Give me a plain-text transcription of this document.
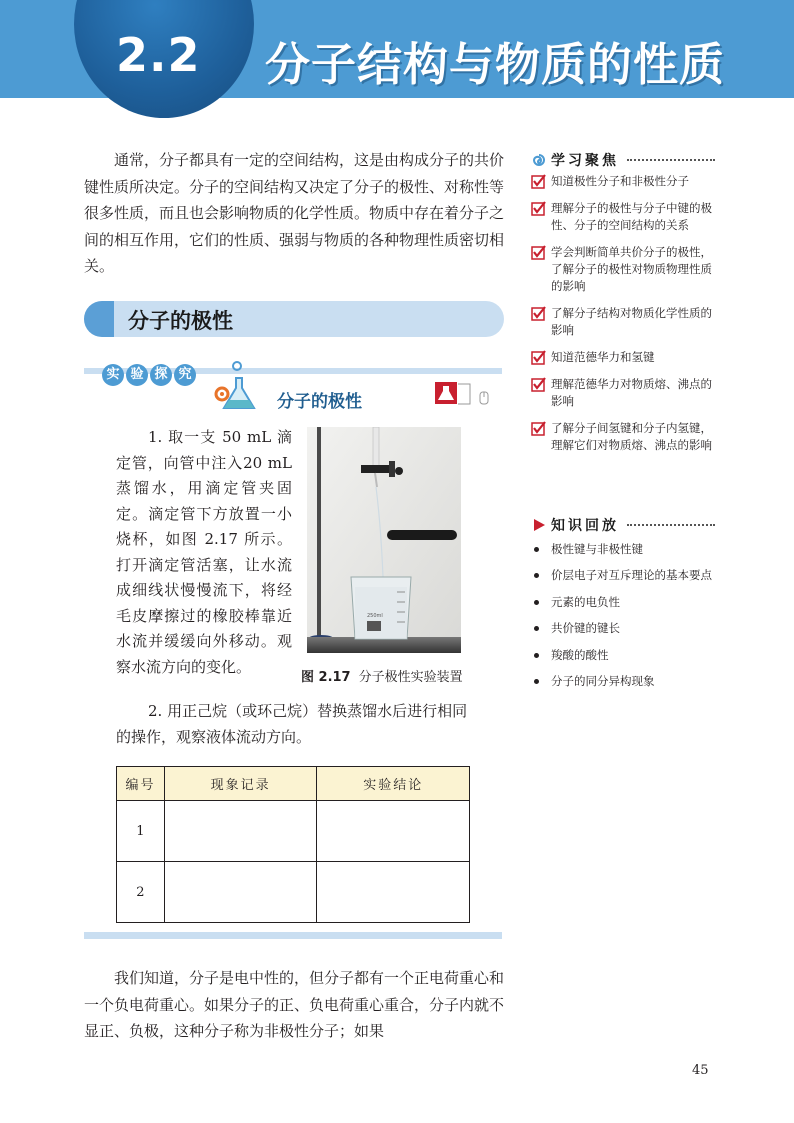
2.2 分子结构与物质的性质

通常，分子都具有一定的空间结构，这是由构成分子的共价键性质所决定。分子的空间结构又决定了分子的极性、对称性等很多性质，而且也会影响物质的化学性质。物质中存在着分子之间的相互作用，它们的性质、强弱与物质的各种物理性质密切相关。

分子的极性
实 验 探 究
分子的极性

1. 取一支 50 mL 滴定管，向管中注入20 mL蒸馏水，用滴定管夹固定。滴定管下方放置一小烧杯，如图 2.17 所示。打开滴定管活塞，让水流成细线状慢慢流下，将经毛皮摩擦过的橡胶棒靠近水流并缓缓向外移动。观察水流方向的变化。

250ml
图 2.17 分子极性实验装置

2. 用正己烷（或环己烷）替换蒸馏水后进行相同的操作，观察液体流动方向。

编号	现象记录	实验结论
1		
2		

我们知道，分子是电中性的，但分子都有一个正电荷重心和一个负电荷重心。如果分子的正、负电荷重心重合，分子内就不显正、负极，这种分子称为非极性分子；如果

学习聚焦
知道极性分子和非极性分子
理解分子的极性与分子中键的极性、分子的空间结构的关系
学会判断简单共价分子的极性，了解分子的极性对物质物理性质的影响
了解分子结构对物质化学性质的影响
知道范德华力和氢键
理解范德华力对物质熔、沸点的影响
了解分子间氢键和分子内氢键，理解它们对物质熔、沸点的影响
知识回放
极性键与非极性键
价层电子对互斥理论的基本要点
元素的电负性
共价键的键长
羧酸的酸性
分子的同分异构现象
45
